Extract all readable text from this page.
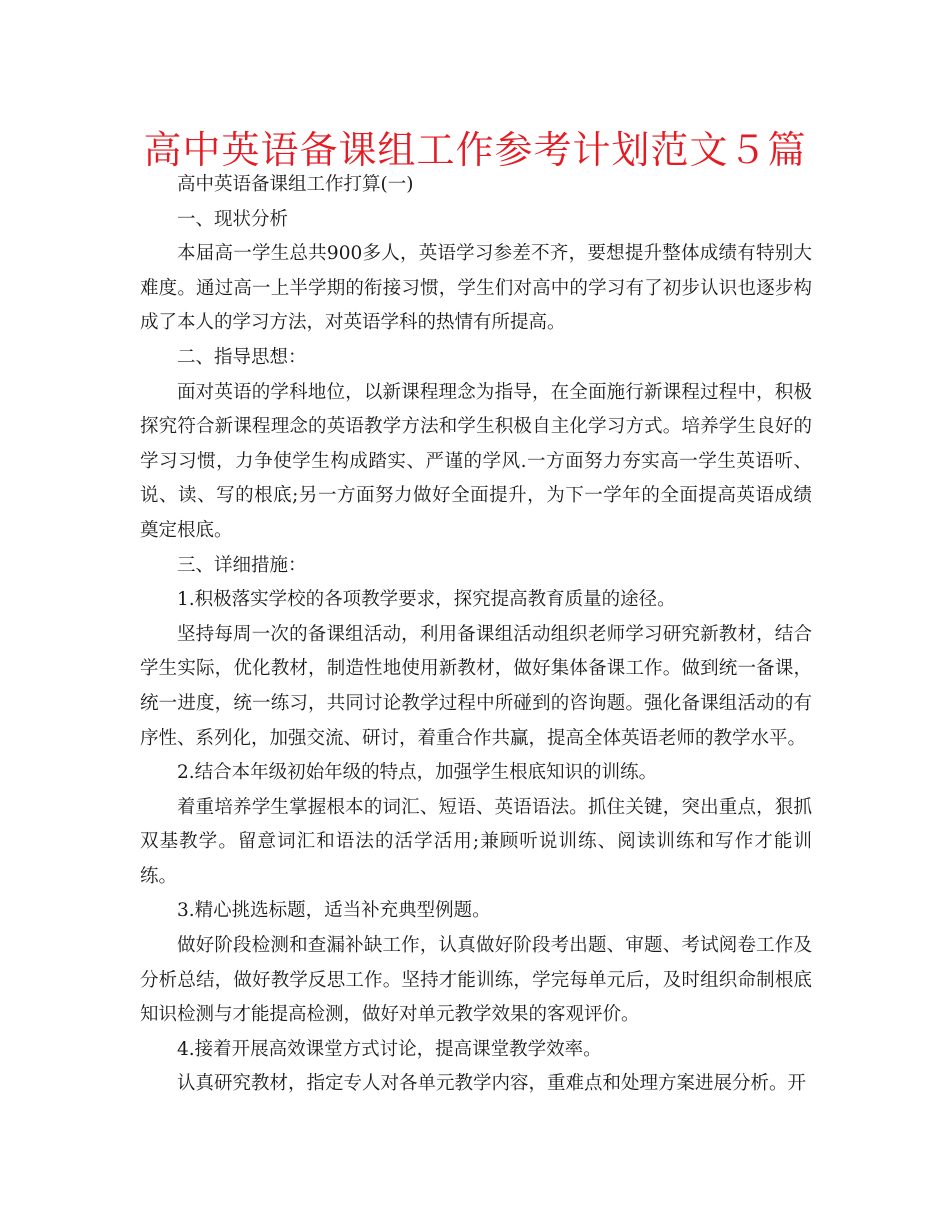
高中英语备课组工作参考计划范文５篇

高中英语备课组工作打算(一)

一、现状分析

本届高一学生总共900多人，英语学习参差不齐，要想提升整体成绩有特别大难度。通过高一上半学期的衔接习惯，学生们对高中的学习有了初步认识也逐步构成了本人的学习方法，对英语学科的热情有所提高。

二、指导思想：

面对英语的学科地位，以新课程理念为指导，在全面施行新课程过程中，积极探究符合新课程理念的英语教学方法和学生积极自主化学习方式。培养学生良好的学习习惯，力争使学生构成踏实、严谨的学风.一方面努力夯实高一学生英语听、说、读、写的根底;另一方面努力做好全面提升，为下一学年的全面提高英语成绩奠定根底。

三、详细措施：

1.积极落实学校的各项教学要求，探究提高教育质量的途径。

坚持每周一次的备课组活动，利用备课组活动组织老师学习研究新教材，结合学生实际，优化教材，制造性地使用新教材，做好集体备课工作。做到统一备课，统一进度，统一练习，共同讨论教学过程中所碰到的咨询题。强化备课组活动的有序性、系列化，加强交流、研讨，着重合作共赢，提高全体英语老师的教学水平。

2.结合本年级初始年级的特点，加强学生根底知识的训练。

着重培养学生掌握根本的词汇、短语、英语语法。抓住关键，突出重点，狠抓双基教学。留意词汇和语法的活学活用;兼顾听说训练、阅读训练和写作才能训练。

3.精心挑选标题，适当补充典型例题。

做好阶段检测和查漏补缺工作，认真做好阶段考出题、审题、考试阅卷工作及分析总结，做好教学反思工作。坚持才能训练，学完每单元后，及时组织命制根底知识检测与才能提高检测，做好对单元教学效果的客观评价。

4.接着开展高效课堂方式讨论，提高课堂教学效率。

认真研究教材，指定专人对各单元教学内容，重难点和处理方案进展分析。开
